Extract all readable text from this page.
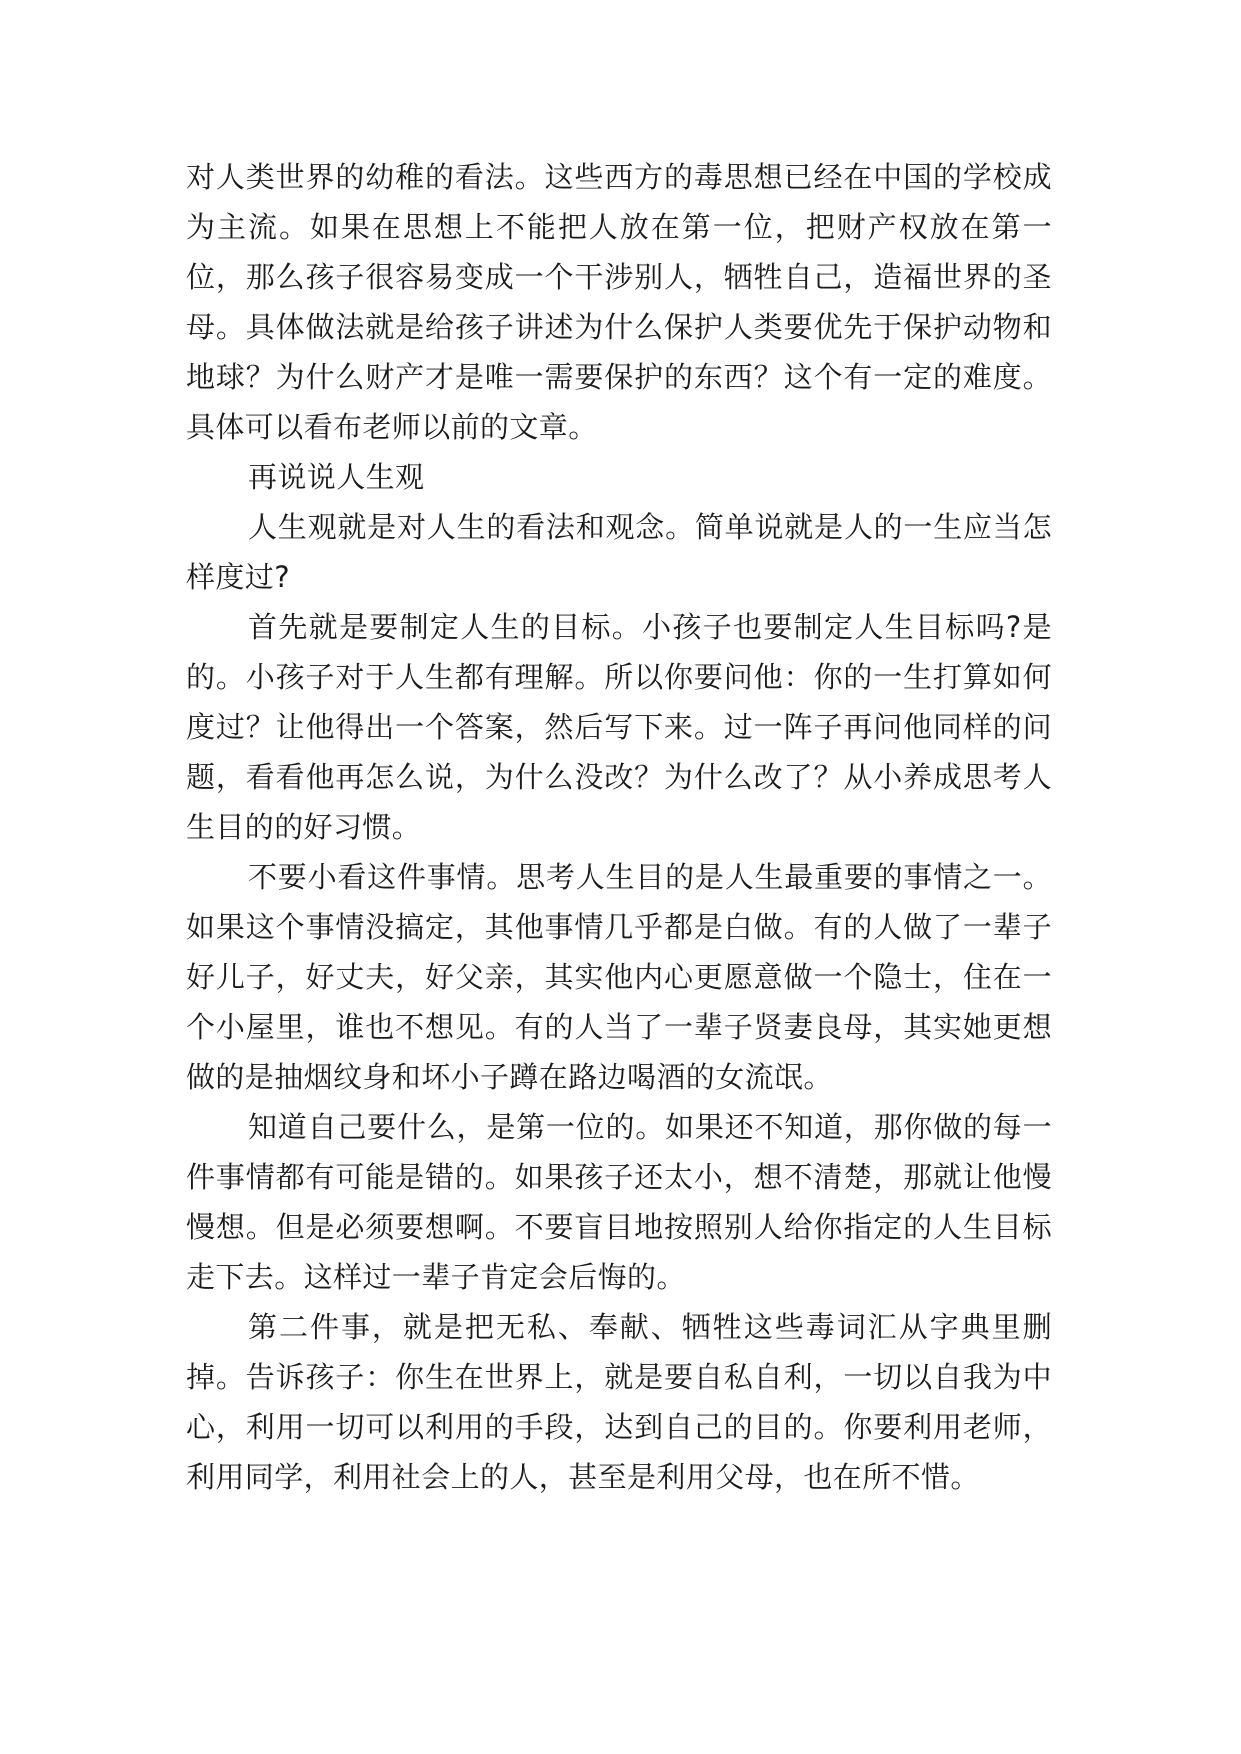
对人类世界的幼稚的看法。这些西方的毒思想已经在中国的学校成为主流。如果在思想上不能把人放在第一位，把财产权放在第一位，那么孩子很容易变成一个干涉别人，牺牲自己，造福世界的圣母。具体做法就是给孩子讲述为什么保护人类要优先于保护动物和地球？为什么财产才是唯一需要保护的东西？这个有一定的难度。具体可以看布老师以前的文章。

再说说人生观

人生观就是对人生的看法和观念。简单说就是人的一生应当怎样度过?

首先就是要制定人生的目标。小孩子也要制定人生目标吗?是的。小孩子对于人生都有理解。所以你要问他：你的一生打算如何度过？让他得出一个答案，然后写下来。过一阵子再问他同样的问题，看看他再怎么说，为什么没改？为什么改了？从小养成思考人生目的的好习惯。

不要小看这件事情。思考人生目的是人生最重要的事情之一。如果这个事情没搞定，其他事情几乎都是白做。有的人做了一辈子好儿子，好丈夫，好父亲，其实他内心更愿意做一个隐士，住在一个小屋里，谁也不想见。有的人当了一辈子贤妻良母，其实她更想做的是抽烟纹身和坏小子蹲在路边喝酒的女流氓。

知道自己要什么，是第一位的。如果还不知道，那你做的每一件事情都有可能是错的。如果孩子还太小，想不清楚，那就让他慢慢想。但是必须要想啊。不要盲目地按照别人给你指定的人生目标走下去。这样过一辈子肯定会后悔的。

第二件事，就是把无私、奉献、牺牲这些毒词汇从字典里删掉。告诉孩子：你生在世界上，就是要自私自利，一切以自我为中心，利用一切可以利用的手段，达到自己的目的。你要利用老师，利用同学，利用社会上的人，甚至是利用父母，也在所不惜。
